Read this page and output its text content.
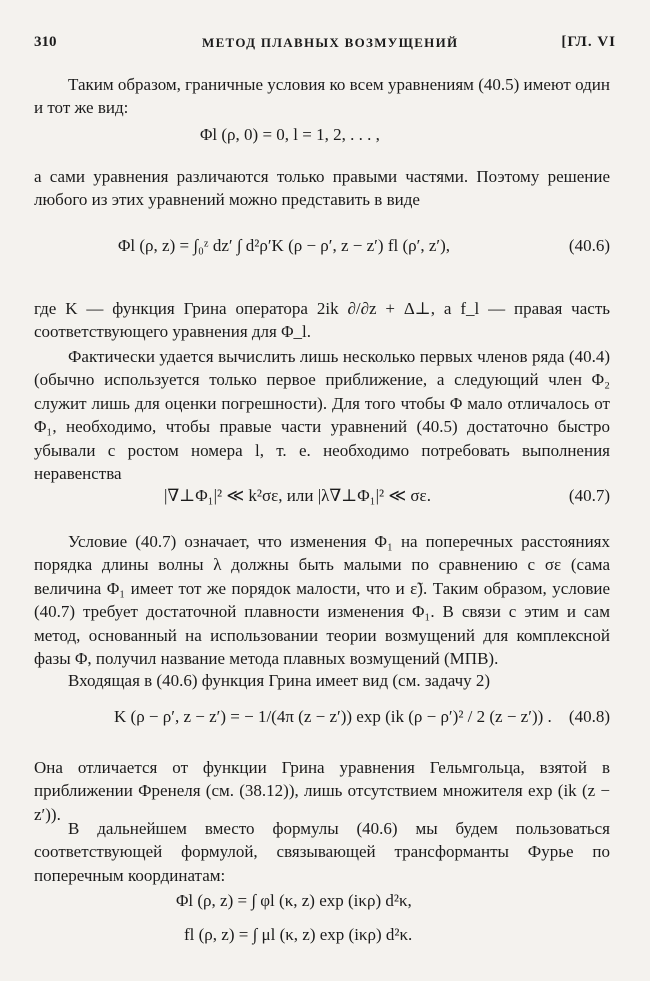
310	МЕТОД ПЛАВНЫХ ВОЗМУЩЕНИЙ	[ГЛ. VI
Таким образом, граничные условия ко всем уравнениям (40.5) имеют один и тот же вид:
Φl (ρ, 0) = 0, l = 1, 2, . . . ,
а сами уравнения различаются только правыми частями. Поэтому решение любого из этих уравнений можно представить в виде
Φl (ρ, z) = ∫₀ᶻ dz′ ∫ d²ρ′K (ρ − ρ′, z − z′) fl (ρ′, z′),	(40.6)
где K — функция Грина оператора 2ik ∂/∂z + Δ⊥, а f_l — правая часть соответствующего уравнения для Φ_l.
Фактически удается вычислить лишь несколько первых членов ряда (40.4) (обычно используется только первое приближение, а следующий член Φ₂ служит лишь для оценки погрешности). Для того чтобы Φ мало отличалось от Φ₁, необходимо, чтобы правые части уравнений (40.5) достаточно быстро убывали с ростом номера l, т. е. необходимо потребовать выполнения неравенства
|∇⊥Φ₁|² ≪ k²σε, или |λ∇⊥Φ₁|² ≪ σε.	(40.7)
Условие (40.7) означает, что изменения Φ₁ на поперечных расстояниях порядка длины волны λ должны быть малыми по сравнению с σε (сама величина Φ₁ имеет тот же порядок малости, что и ε̃). Таким образом, условие (40.7) требует достаточной плавности изменения Φ₁. В связи с этим и сам метод, основанный на использовании теории возмущений для комплексной фазы Φ, получил название метода плавных возмущений (МПВ).
Входящая в (40.6) функция Грина имеет вид (см. задачу 2)
K (ρ − ρ′, z − z′) = − 1/(4π (z − z′)) exp (ik (ρ − ρ′)² / 2 (z − z′)) . (40.8)
Она отличается от функции Грина уравнения Гельмгольца, взятой в приближении Френеля (см. (38.12)), лишь отсутствием множителя exp (ik (z − z′)).
В дальнейшем вместо формулы (40.6) мы будем пользоваться соответствующей формулой, связывающей трансформанты Фурье по поперечным координатам:
Φl (ρ, z) = ∫ φl (κ, z) exp (iκρ) d²κ,
fl (ρ, z) = ∫ μl (κ, z) exp (iκρ) d²κ.
